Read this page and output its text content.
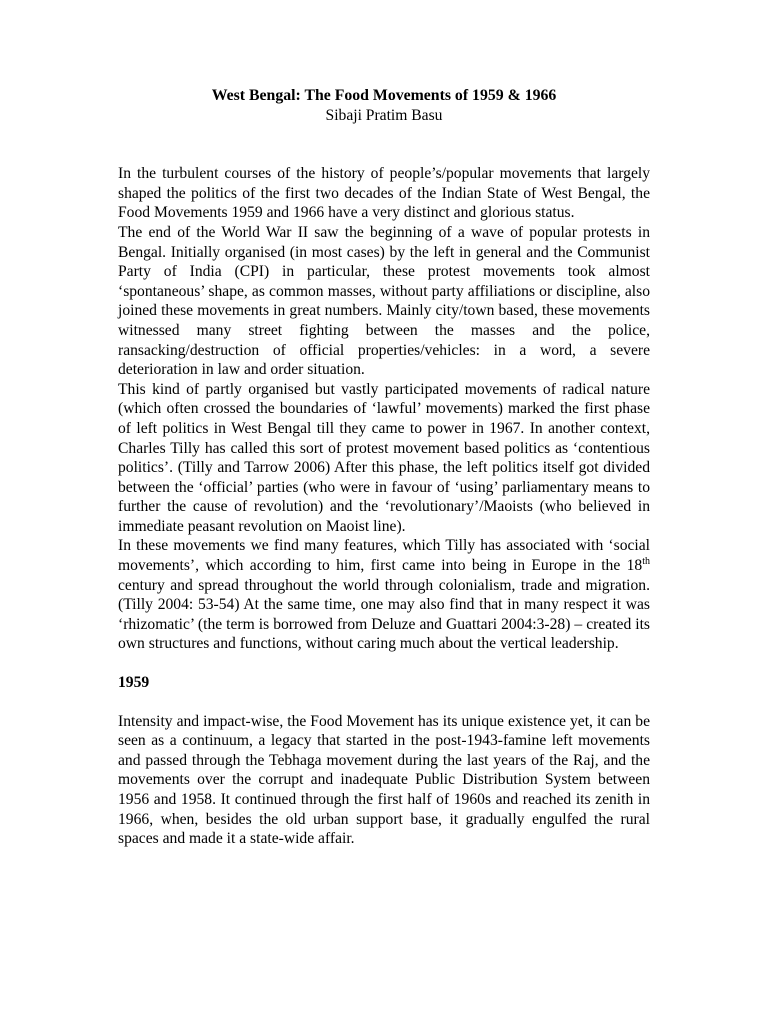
West Bengal: The Food Movements of 1959 & 1966
Sibaji Pratim Basu

In the turbulent courses of the history of people’s/popular movements that largely shaped the politics of the first two decades of the Indian State of West Bengal, the Food Movements 1959 and 1966 have a very distinct and glorious status.

The end of the World War II saw the beginning of a wave of popular protests in Bengal. Initially organised (in most cases) by the left in general and the Communist Party of India (CPI) in particular, these protest movements took almost ‘spontaneous’ shape, as common masses, without party affiliations or discipline, also joined these movements in great numbers. Mainly city/town based, these movements witnessed many street fighting between the masses and the police, ransacking/destruction of official properties/vehicles: in a word, a severe deterioration in law and order situation.

This kind of partly organised but vastly participated movements of radical nature (which often crossed the boundaries of ‘lawful’ movements) marked the first phase of left politics in West Bengal till they came to power in 1967. In another context, Charles Tilly has called this sort of protest movement based politics as ‘contentious politics’. (Tilly and Tarrow 2006) After this phase, the left politics itself got divided between the ‘official’ parties (who were in favour of ‘using’ parliamentary means to further the cause of revolution) and the ‘revolutionary’/Maoists (who believed in immediate peasant revolution on Maoist line).

In these movements we find many features, which Tilly has associated with ‘social movements’, which according to him, first came into being in Europe in the 18th century and spread throughout the world through colonialism, trade and migration. (Tilly 2004: 53-54) At the same time, one may also find that in many respect it was ‘rhizomatic’ (the term is borrowed from Deluze and Guattari 2004:3-28) – created its own structures and functions, without caring much about the vertical leadership.

1959

Intensity and impact-wise, the Food Movement has its unique existence yet, it can be seen as a continuum, a legacy that started in the post-1943-famine left movements and passed through the Tebhaga movement during the last years of the Raj, and the movements over the corrupt and inadequate Public Distribution System between 1956 and 1958. It continued through the first half of 1960s and reached its zenith in 1966, when, besides the old urban support base, it gradually engulfed the rural spaces and made it a state-wide affair.
